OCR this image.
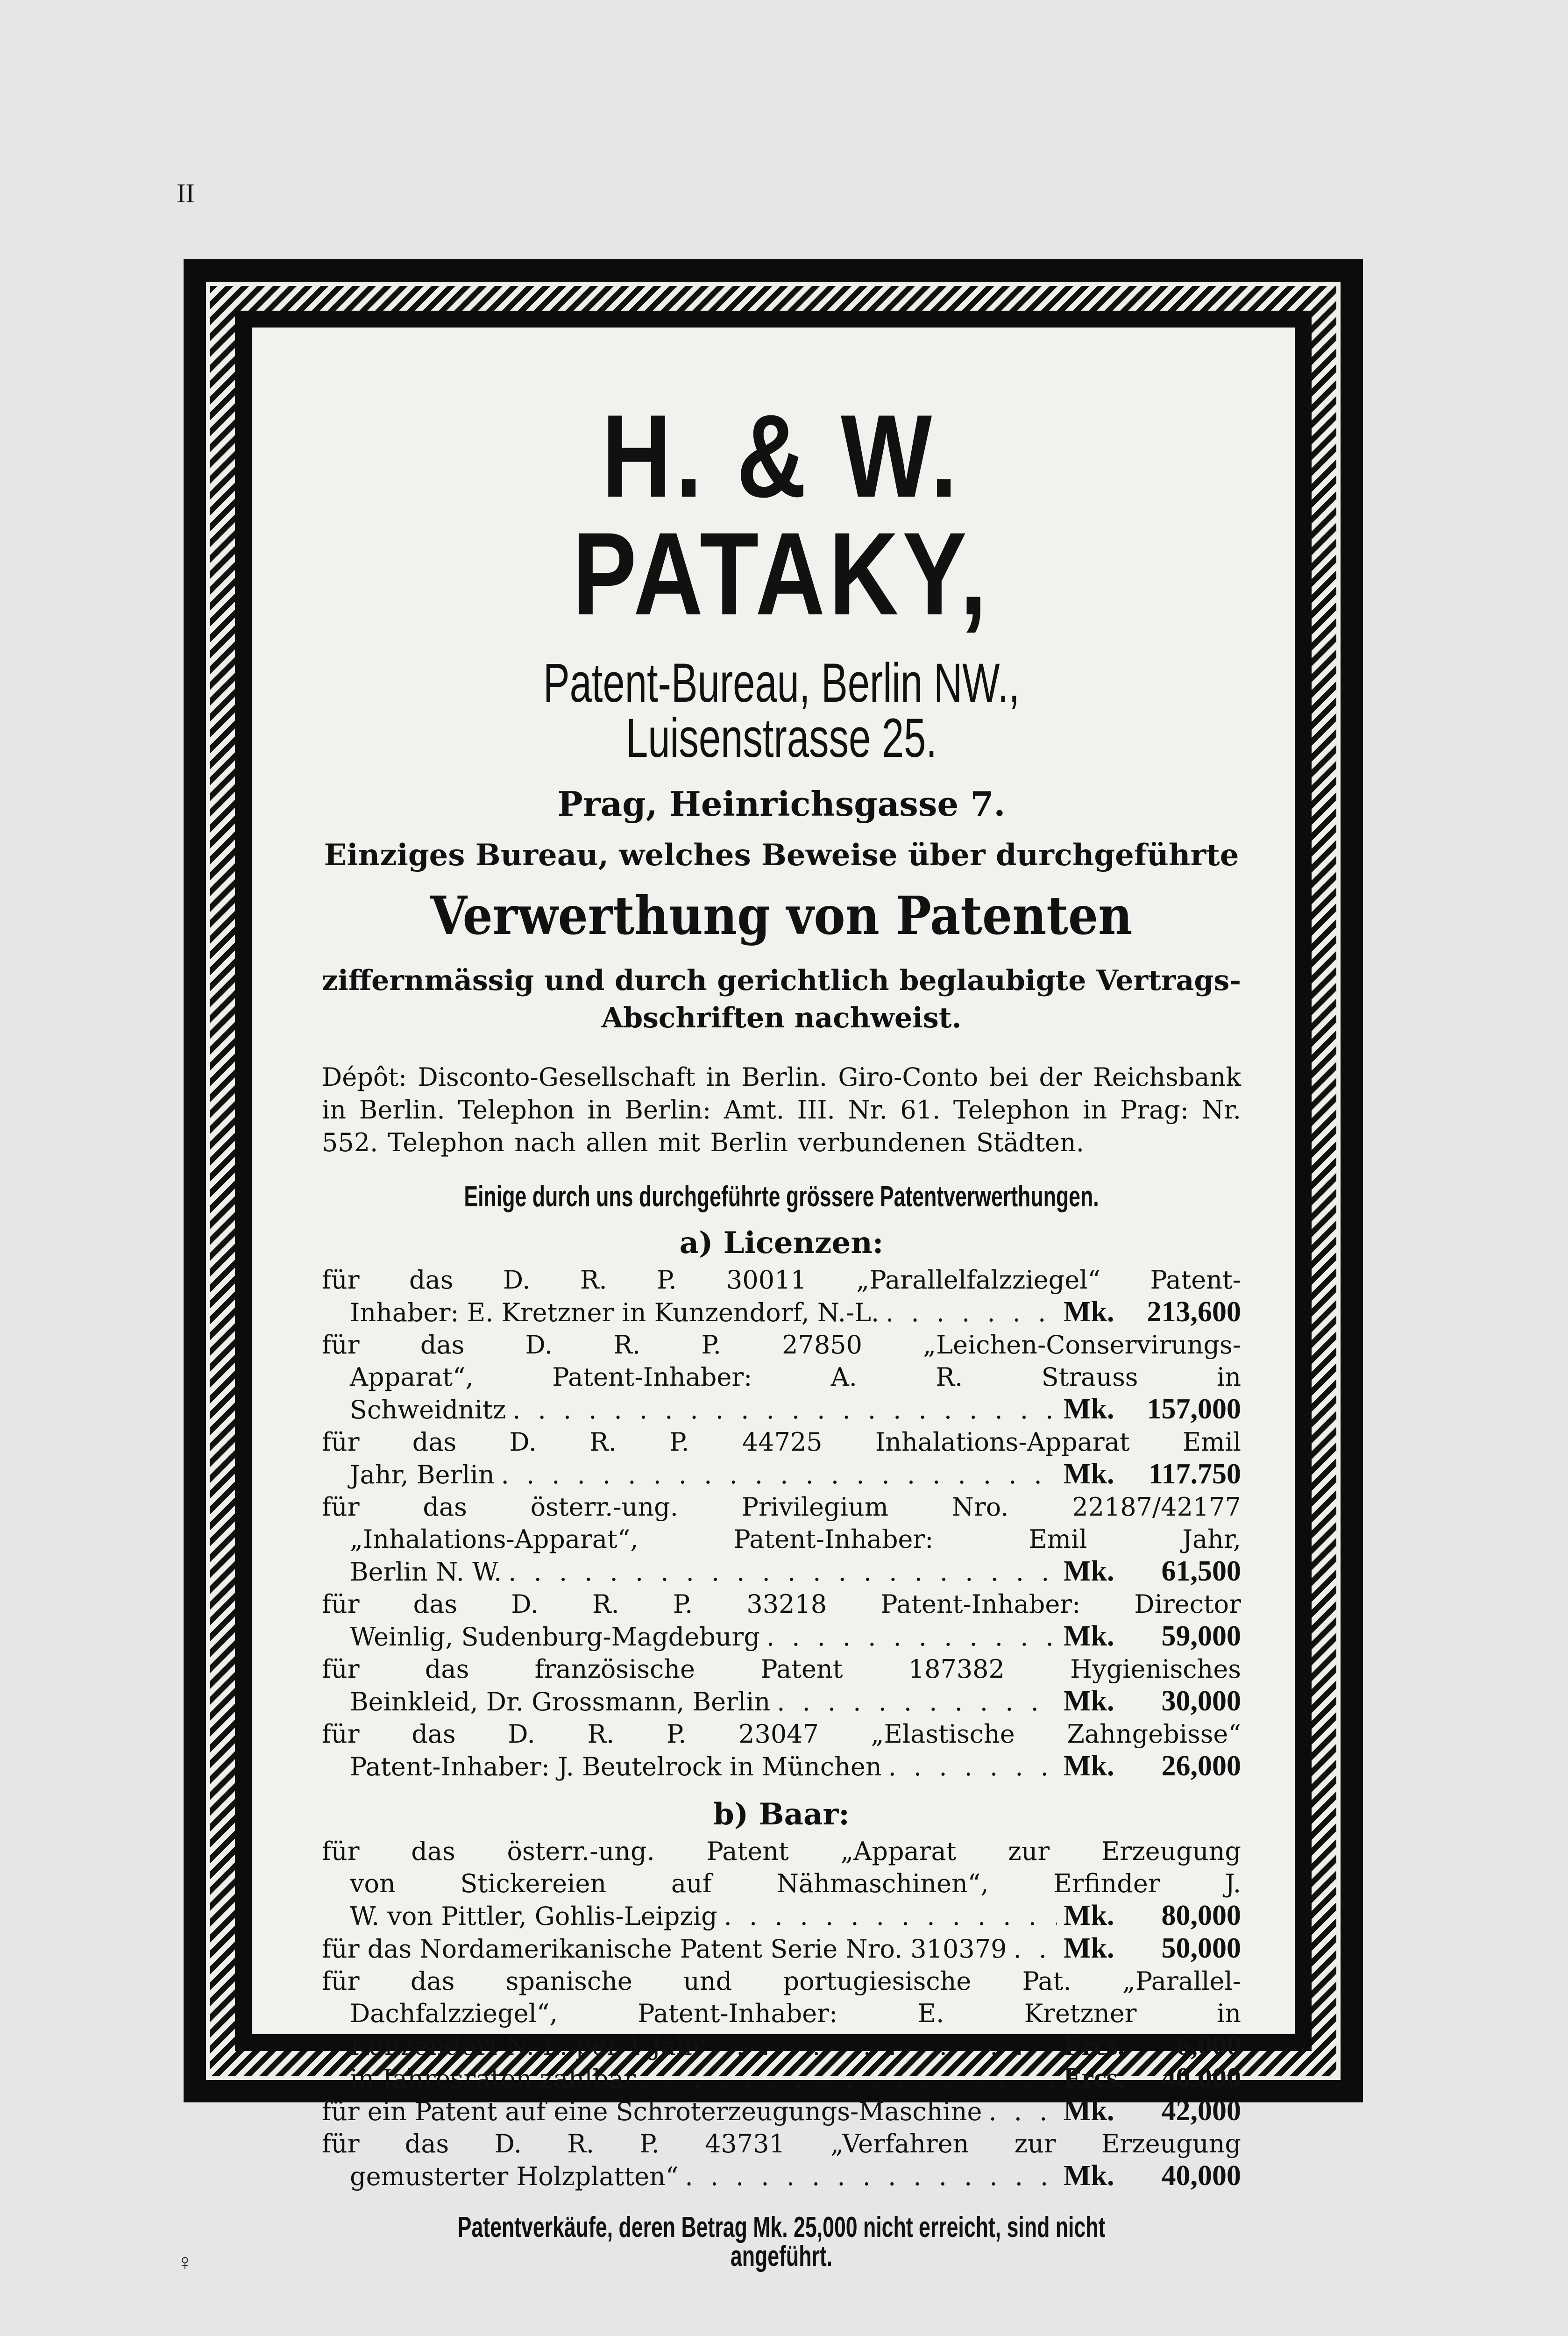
II
H. & W. PATAKY,
Patent-Bureau, Berlin NW., Luisenstrasse 25.
Prag, Heinrichsgasse 7.
Einziges Bureau, welches Beweise über durchgeführte
Verwerthung von Patenten
ziffernmässig und durch gerichtlich beglaubigte Vertrags-Abschriften nachweist.
Dépôt: Disconto-Gesellschaft in Berlin. Giro-Conto bei der Reichsbank in Berlin. Telephon in Berlin: Amt. III. Nr. 61. Telephon in Prag: Nr. 552. Telephon nach allen mit Berlin verbundenen Städten.
Einige durch uns durchgeführte grössere Patentverwerthungen.
a) Licenzen:
für das D. R. P. 30011 „Parallelfalzziegel“ Patent-
Inhaber: E. Kretzner in Kunzendorf, N.-L. . . .	Mk.	213,600
für das D. R. P. 27850 „Leichen-Conservirungs-
Apparat“, Patent-Inhaber: A. R. Strauss in
Schweidnitz . . .	Mk.	157,000
für das D. R. P. 44725 Inhalations-Apparat Emil
Jahr, Berlin . . .	Mk.	117.750
für das österr.-ung. Privilegium Nro. 22187/42177
„Inhalations-Apparat“, Patent-Inhaber: Emil Jahr,
Berlin N. W. . . .	Mk.	61,500
für das D. R. P. 33218 Patent-Inhaber: Director
Weinlig, Sudenburg-Magdeburg . . .	Mk.	59,000
für das französische Patent 187382 Hygienisches
Beinkleid, Dr. Grossmann, Berlin . . .	Mk.	30,000
für das D. R. P. 23047 „Elastische Zahngebisse“
Patent-Inhaber: J. Beutelrock in München . . .	Mk.	26,000
b) Baar:
für das österr.-ung. Patent „Apparat zur Erzeugung
von Stickereien auf Nähmaschinen“, Erfinder J.
W. von Pittler, Gohlis-Leipzig . . .	Mk.	80,000
für das Nordamerikanische Patent Serie Nro. 310379 . . . Mk.	50,000
für das spanische und portugiesische Pat. „Parallel-
Dachfalzziegel“, Patent-Inhaber: E. Kretzner in
Kunzendorf N.-L. per 1 Jahr . . .	Frcs.	6,000
in Jahresraten zahlbar . . .	Frcs.	40.000
für ein Patent auf eine Schroterzeugungs-Maschine . . .	Mk.	42,000
für das D. R. P. 43731 „Verfahren zur Erzeugung
gemusterter Holzplatten“ . . .	Mk.	40,000
Patentverkäufe, deren Betrag Mk. 25,000 nicht erreicht, sind nicht angeführt.
♀
